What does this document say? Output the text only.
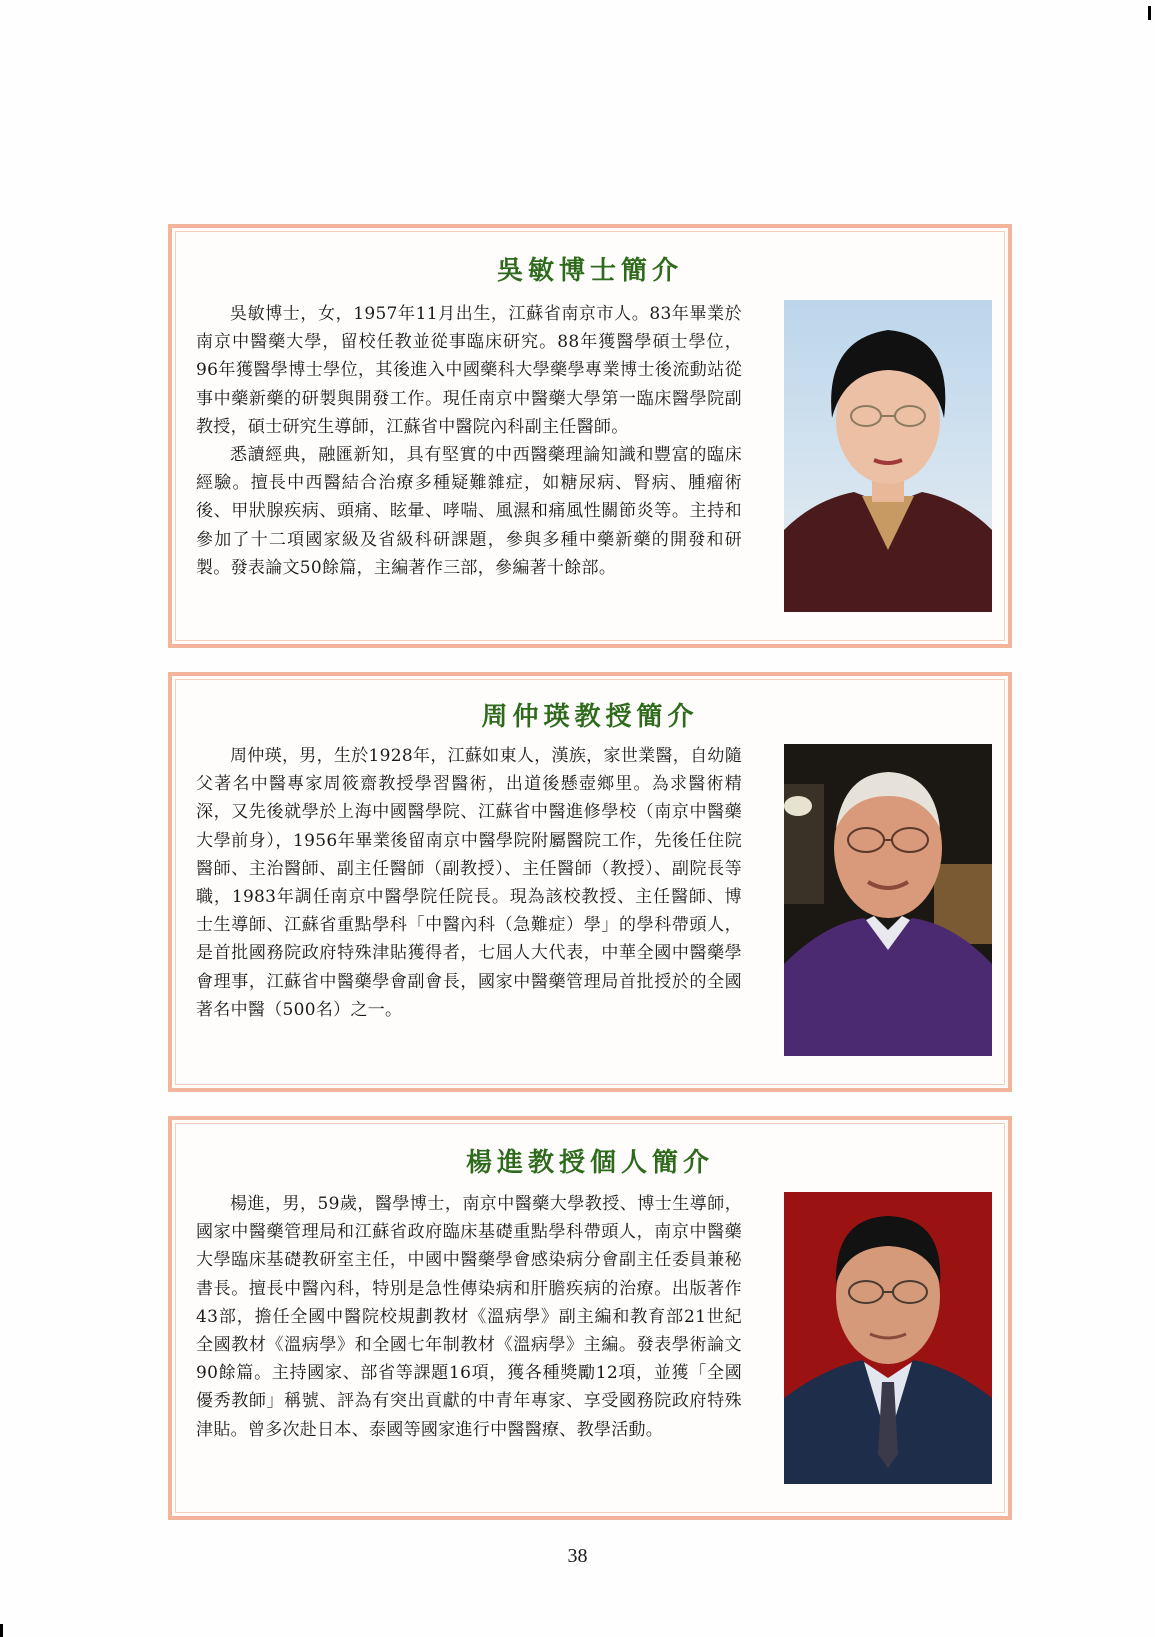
吳敏博士簡介

吳敏博士，女，1957年11月出生，江蘇省南京市人。83年畢業於南京中醫藥大學，留校任教並從事臨床研究。88年獲醫學碩士學位，96年獲醫學博士學位，其後進入中國藥科大學藥學專業博士後流動站從事中藥新藥的研製與開發工作。現任南京中醫藥大學第一臨床醫學院副教授，碩士研究生導師，江蘇省中醫院內科副主任醫師。

悉讀經典，融匯新知，具有堅實的中西醫藥理論知識和豐富的臨床經驗。擅長中西醫結合治療多種疑難雜症，如糖尿病、腎病、腫瘤術後、甲狀腺疾病、頭痛、眩暈、哮喘、風濕和痛風性關節炎等。主持和參加了十二項國家級及省級科研課題，參與多種中藥新藥的開發和研製。發表論文50餘篇，主編著作三部，參編著十餘部。

周仲瑛教授簡介

周仲瑛，男，生於1928年，江蘇如東人，漢族，家世業醫，自幼隨父著名中醫專家周筱齋教授學習醫術，出道後懸壺鄉里。為求醫術精深，又先後就學於上海中國醫學院、江蘇省中醫進修學校（南京中醫藥大學前身），1956年畢業後留南京中醫學院附屬醫院工作，先後任住院醫師、主治醫師、副主任醫師（副教授）、主任醫師（教授）、副院長等職，1983年調任南京中醫學院任院長。現為該校教授、主任醫師、博士生導師、江蘇省重點學科「中醫內科（急難症）學」的學科帶頭人，是首批國務院政府特殊津貼獲得者，七屆人大代表，中華全國中醫藥學會理事，江蘇省中醫藥學會副會長，國家中醫藥管理局首批授於的全國著名中醫（500名）之一。

楊進教授個人簡介

楊進，男，59歲，醫學博士，南京中醫藥大學教授、博士生導師，國家中醫藥管理局和江蘇省政府臨床基礎重點學科帶頭人，南京中醫藥大學臨床基礎教研室主任，中國中醫藥學會感染病分會副主任委員兼秘書長。擅長中醫內科，特別是急性傳染病和肝膽疾病的治療。出版著作43部，擔任全國中醫院校規劃教材《溫病學》副主編和教育部21世紀全國教材《溫病學》和全國七年制教材《溫病學》主編。發表學術論文90餘篇。主持國家、部省等課題16項，獲各種獎勵12項，並獲「全國優秀教師」稱號、評為有突出貢獻的中青年專家、享受國務院政府特殊津貼。曾多次赴日本、泰國等國家進行中醫醫療、教學活動。

38
